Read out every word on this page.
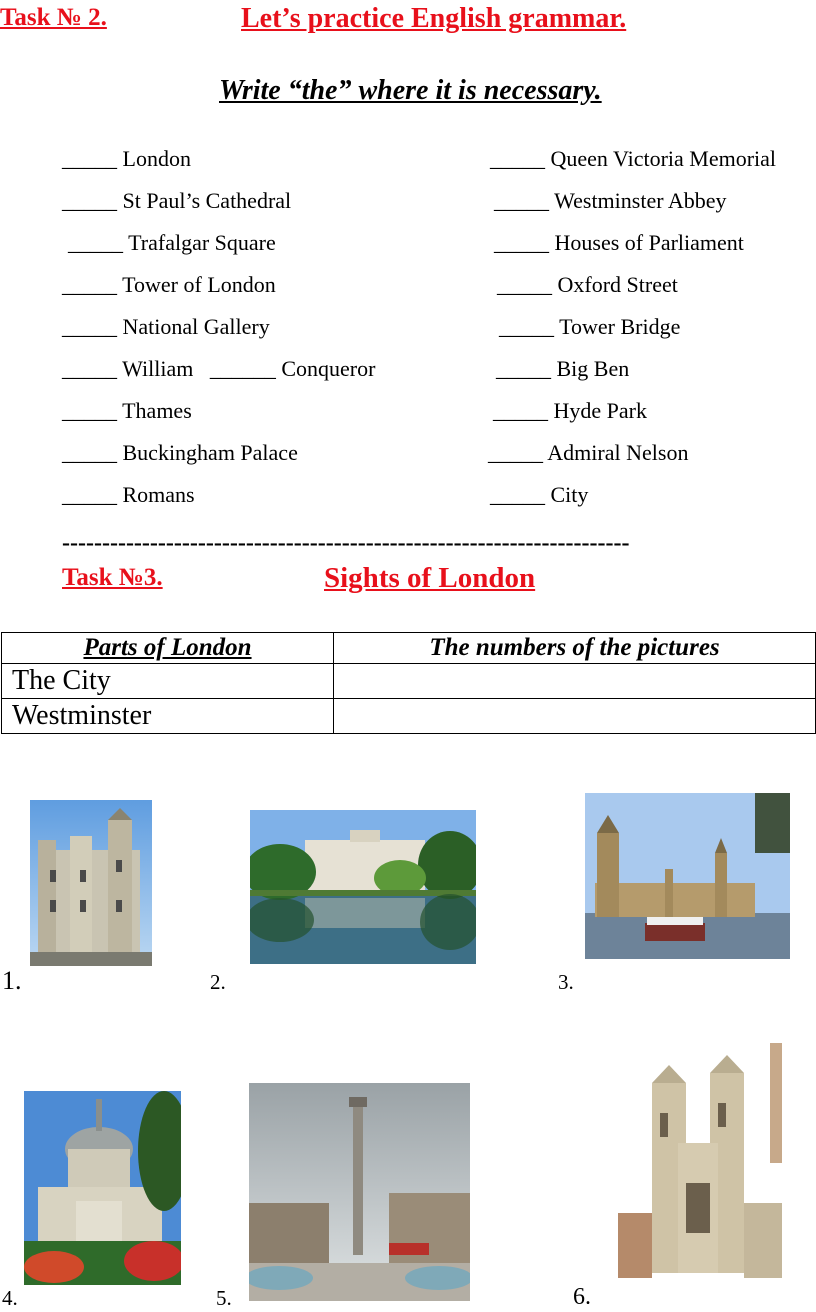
Task № 2.	Let’s practice English grammar.
Write “the” where it is necessary.
_____ London
_____ St Paul’s Cathedral
_____ Trafalgar Square
_____ Tower of London
_____ National Gallery
_____ William ______ Conqueror
_____ Thames
_____ Buckingham Palace
_____ Romans
_____ Queen Victoria Memorial
_____ Westminster Abbey
_____ Houses of Parliament
_____ Oxford Street
_____ Tower Bridge
_____ Big Ben
_____ Hyde Park
_____ Admiral Nelson
_____ City
-----------------------------------------------------------------------
Task №3.	Sights of London
Parts of London	The numbers of the pictures
The City	
Westminster	
1.	2.	3.
4.	5.	6.
